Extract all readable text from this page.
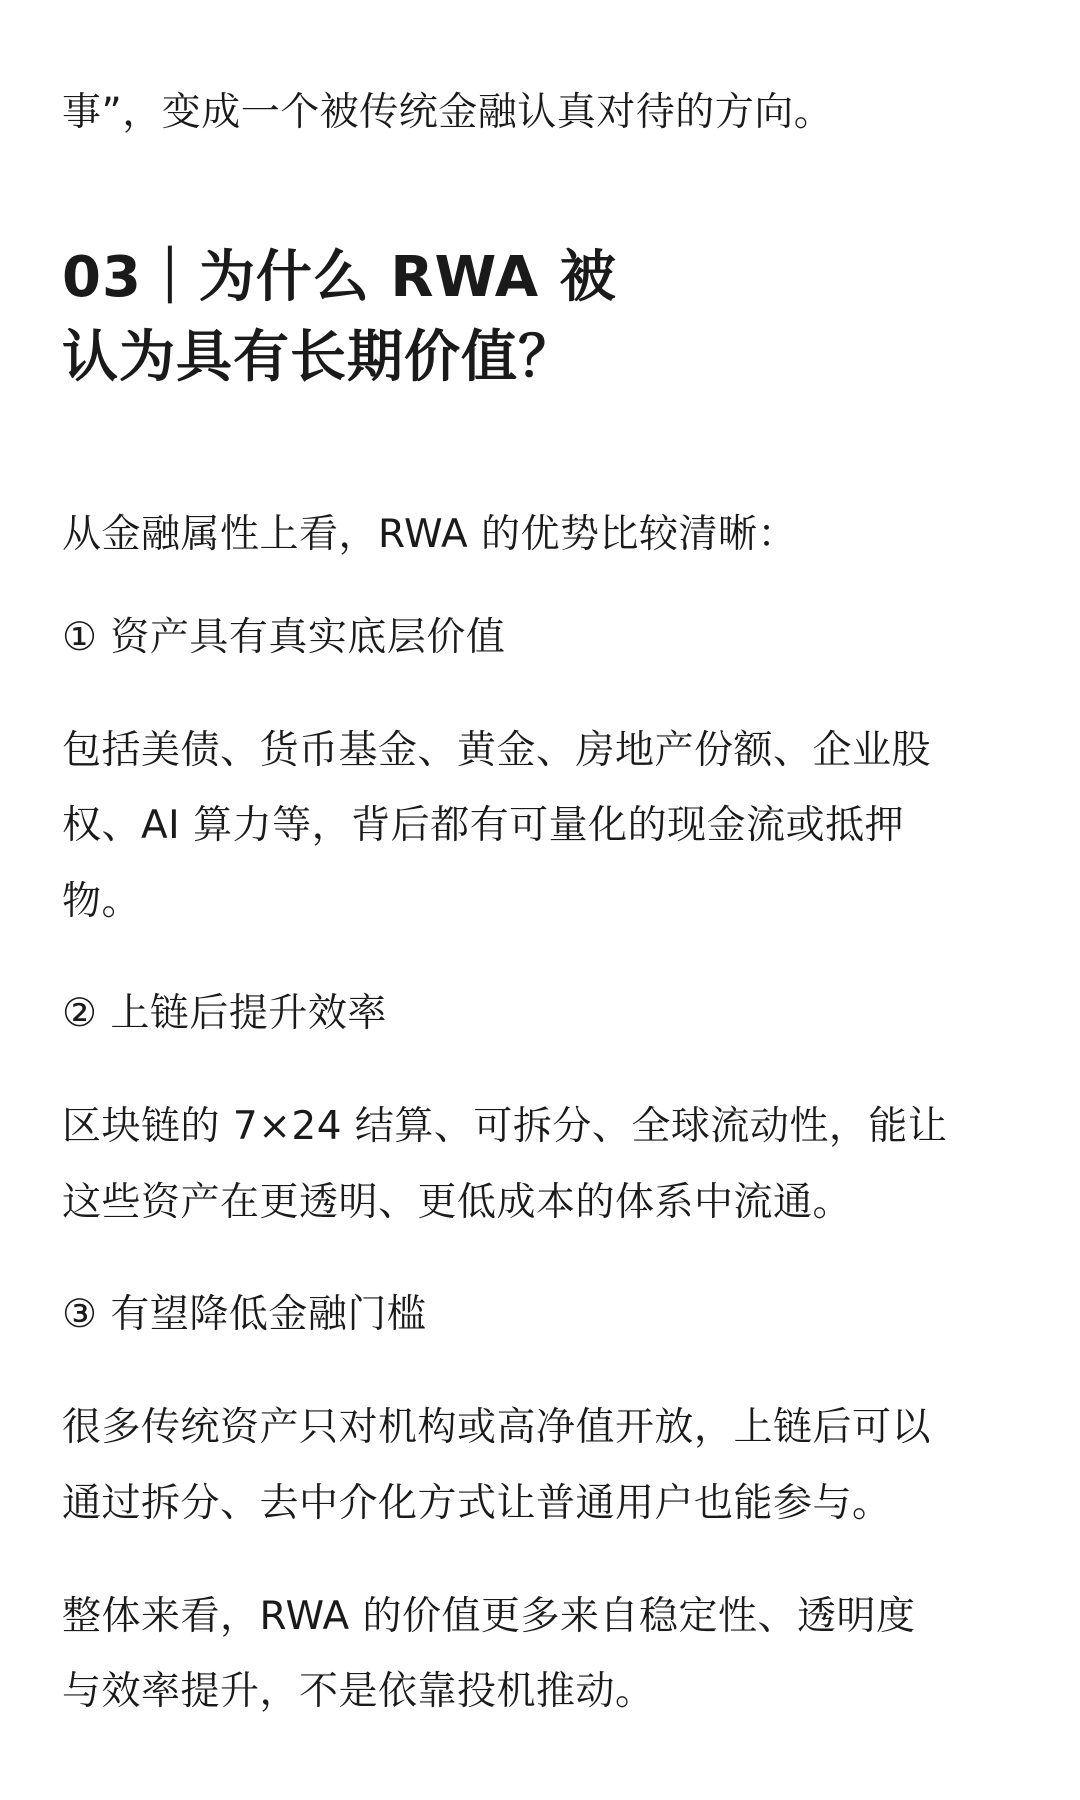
事”，变成一个被传统金融认真对待的方向。
03｜为什么 RWA 被
认为具有长期价值？
从金融属性上看，RWA 的优势比较清晰：
① 资产具有真实底层价值
包括美债、货币基金、黄金、房地产份额、企业股
权、AI 算力等，背后都有可量化的现金流或抵押
物。
② 上链后提升效率
区块链的 7×24 结算、可拆分、全球流动性，能让
这些资产在更透明、更低成本的体系中流通。
③ 有望降低金融门槛
很多传统资产只对机构或高净值开放，上链后可以
通过拆分、去中介化方式让普通用户也能参与。
整体来看，RWA 的价值更多来自稳定性、透明度
与效率提升，不是依靠投机推动。
